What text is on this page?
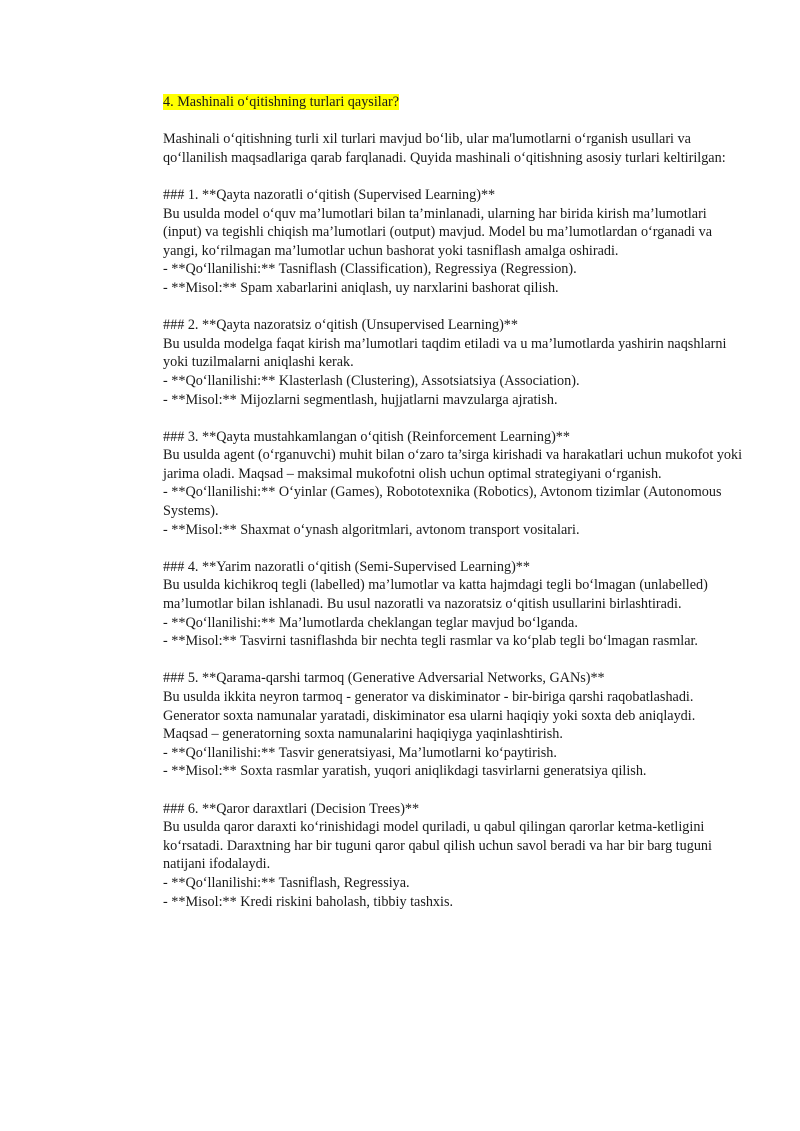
4. Mashinali o‘qitishning turlari qaysilar?

Mashinali o‘qitishning turli xil turlari mavjud bo‘lib, ular ma'lumotlarni o‘rganish usullari va qo‘llanilish maqsadlariga qarab farqlanadi. Quyida mashinali o‘qitishning asosiy turlari keltirilgan:

### 1. **Qayta nazoratli o‘qitish (Supervised Learning)**

Bu usulda model o‘quv ma’lumotlari bilan ta’minlanadi, ularning har birida kirish ma’lumotlari (input) va tegishli chiqish ma’lumotlari (output) mavjud. Model bu ma’lumotlardan o‘rganadi va yangi, ko‘rilmagan ma’lumotlar uchun bashorat yoki tasniflash amalga oshiradi.

- **Qo‘llanilishi:** Tasniflash (Classification), Regressiya (Regression).

- **Misol:** Spam xabarlarini aniqlash, uy narxlarini bashorat qilish.

### 2. **Qayta nazoratsiz o‘qitish (Unsupervised Learning)**

Bu usulda modelga faqat kirish ma’lumotlari taqdim etiladi va u ma’lumotlarda yashirin naqshlarni yoki tuzilmalarni aniqlashi kerak.

- **Qo‘llanilishi:** Klasterlash (Clustering), Assotsiatsiya (Association).

- **Misol:** Mijozlarni segmentlash, hujjatlarni mavzularga ajratish.

### 3. **Qayta mustahkamlangan o‘qitish (Reinforcement Learning)**

Bu usulda agent (o‘rganuvchi) muhit bilan o‘zaro ta’sirga kirishadi va harakatlari uchun mukofot yoki jarima oladi. Maqsad – maksimal mukofotni olish uchun optimal strategiyani o‘rganish.

- **Qo‘llanilishi:** O‘yinlar (Games), Robototexnika (Robotics), Avtonom tizimlar (Autonomous Systems).

- **Misol:** Shaxmat o‘ynash algoritmlari, avtonom transport vositalari.

### 4. **Yarim nazoratli o‘qitish (Semi-Supervised Learning)**

Bu usulda kichikroq tegli (labelled) ma’lumotlar va katta hajmdagi tegli bo‘lmagan (unlabelled) ma’lumotlar bilan ishlanadi. Bu usul nazoratli va nazoratsiz o‘qitish usullarini birlashtiradi.

- **Qo‘llanilishi:** Ma’lumotlarda cheklangan teglar mavjud bo‘lganda.

- **Misol:** Tasvirni tasniflashda bir nechta tegli rasmlar va ko‘plab tegli bo‘lmagan rasmlar.

### 5. **Qarama-qarshi tarmoq (Generative Adversarial Networks, GANs)**

Bu usulda ikkita neyron tarmoq - generator va diskiminator - bir-biriga qarshi raqobatlashadi. Generator soxta namunalar yaratadi, diskiminator esa ularni haqiqiy yoki soxta deb aniqlaydi. Maqsad – generatorning soxta namunalarini haqiqiyga yaqinlashtirish.

- **Qo‘llanilishi:** Tasvir generatsiyasi, Ma’lumotlarni ko‘paytirish.

- **Misol:** Soxta rasmlar yaratish, yuqori aniqlikdagi tasvirlarni generatsiya qilish.

### 6. **Qaror daraxtlari (Decision Trees)**

Bu usulda qaror daraxti ko‘rinishidagi model quriladi, u qabul qilingan qarorlar ketma-ketligini ko‘rsatadi. Daraxtning har bir tuguni qaror qabul qilish uchun savol beradi va har bir barg tuguni natijani ifodalaydi.

- **Qo‘llanilishi:** Tasniflash, Regressiya.

- **Misol:** Kredi riskini baholash, tibbiy tashxis.
